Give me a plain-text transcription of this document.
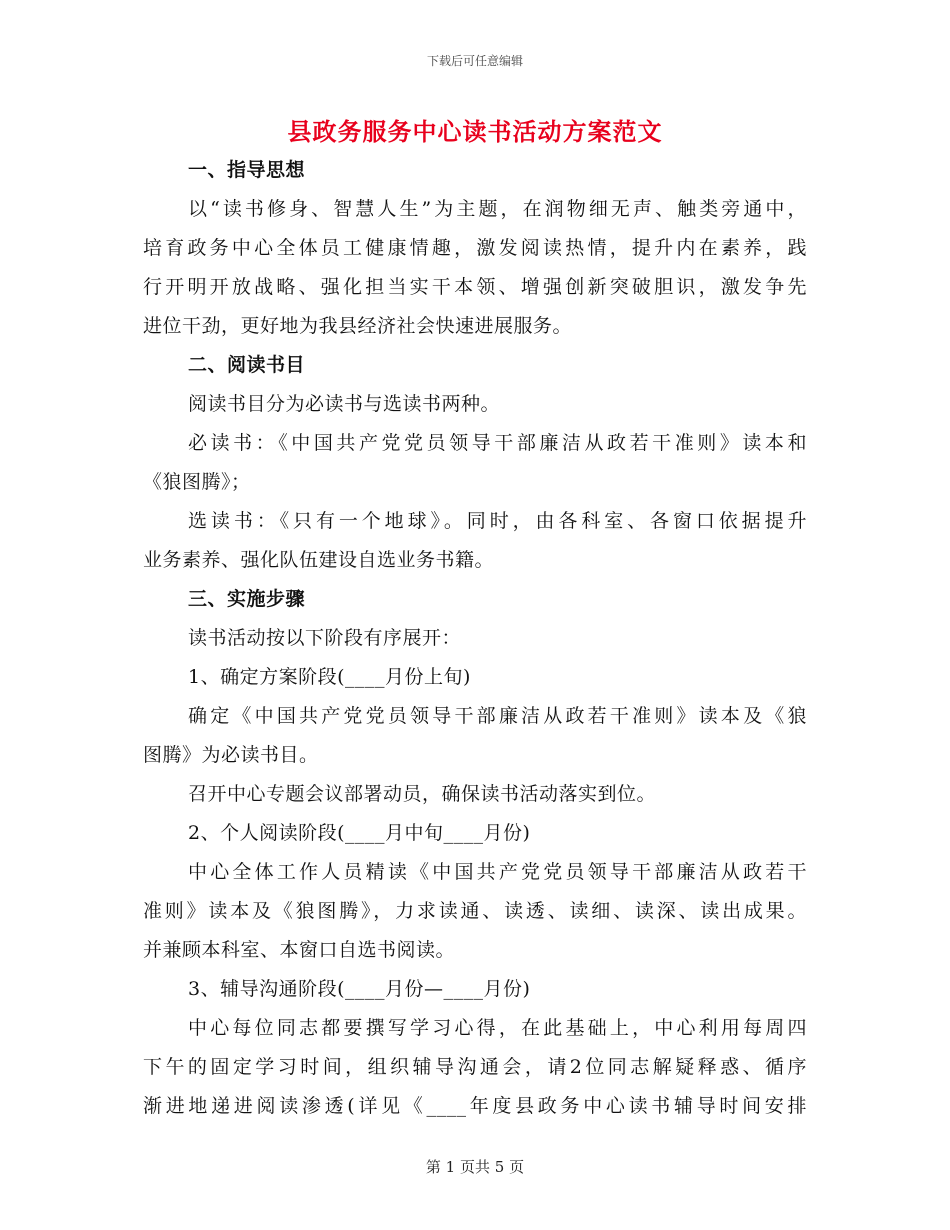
下载后可任意编辑
县政务服务中心读书活动方案范文
一、指导思想
以“读书修身、智慧人生”为主题，在润物细无声、触类旁通中，
培育政务中心全体员工健康情趣，激发阅读热情，提升内在素养，践
行开明开放战略、强化担当实干本领、增强创新突破胆识，激发争先
进位干劲，更好地为我县经济社会快速进展服务。
二、阅读书目
阅读书目分为必读书与选读书两种。
必读书：《中国共产党党员领导干部廉洁从政若干准则》读本和
《狼图腾》；
选读书：《只有一个地球》。同时，由各科室、各窗口依据提升
业务素养、强化队伍建设自选业务书籍。
三、实施步骤
读书活动按以下阶段有序展开：
1、确定方案阶段(____月份上旬)
确定《中国共产党党员领导干部廉洁从政若干准则》读本及《狼
图腾》为必读书目。
召开中心专题会议部署动员，确保读书活动落实到位。
2、个人阅读阶段(____月中旬____月份)
中心全体工作人员精读《中国共产党党员领导干部廉洁从政若干
准则》读本及《狼图腾》，力求读通、读透、读细、读深、读出成果。
并兼顾本科室、本窗口自选书阅读。
3、辅导沟通阶段(____月份—____月份)
中心每位同志都要撰写学习心得，在此基础上，中心利用每周四
下午的固定学习时间，组织辅导沟通会，请2位同志解疑释惑、循序
渐进地递进阅读渗透(详见《____年度县政务中心读书辅导时间安排
第 1 页共 5 页
